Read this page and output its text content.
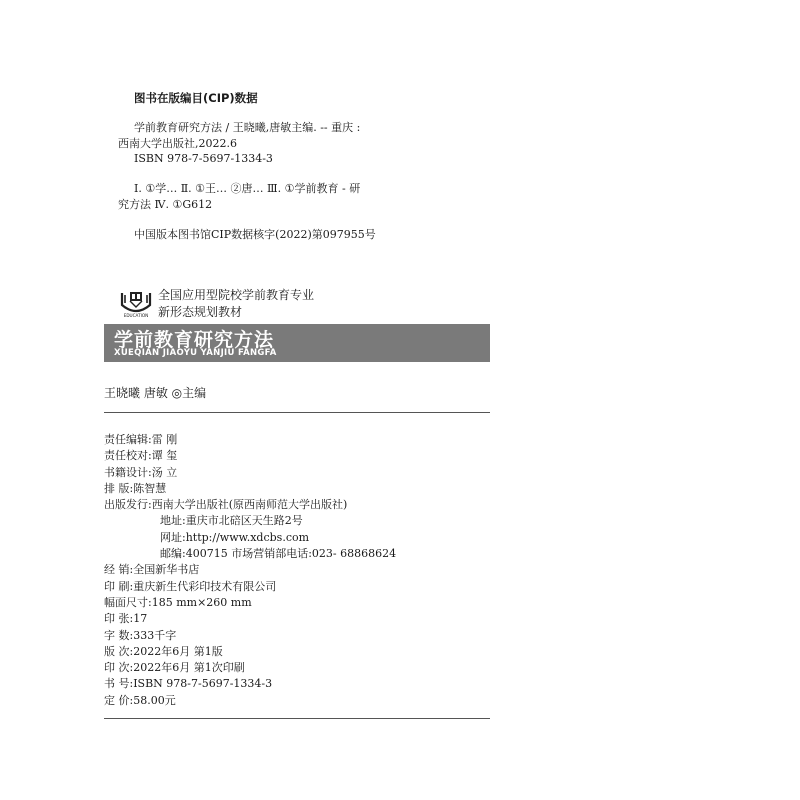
图书在版编目(CIP)数据
学前教育研究方法 / 王晓曦,唐敏主编. -- 重庆 :
西南大学出版社,2022.6
ISBN 978-7-5697-1334-3
Ⅰ. ①学… Ⅱ. ①王… ②唐… Ⅲ. ①学前教育 - 研
究方法 Ⅳ. ①G612
中国版本图书馆CIP数据核字(2022)第097955号
EDUCATION
全国应用型院校学前教育专业
新形态规划教材
学前教育研究方法
XUEQIAN JIAOYU YANJIU FANGFA
王晓曦 唐敏 ◎主编
责任编辑:雷 刚
责任校对:谭 玺
书籍设计:汤 立
排 版:陈智慧
出版发行:西南大学出版社(原西南师范大学出版社)
地址:重庆市北碚区天生路2号
网址:http://www.xdcbs.com
邮编:400715 市场营销部电话:023- 68868624
经 销:全国新华书店
印 刷:重庆新生代彩印技术有限公司
幅面尺寸:185 mm×260 mm
印 张:17
字 数:333千字
版 次:2022年6月 第1版
印 次:2022年6月 第1次印刷
书 号:ISBN 978-7-5697-1334-3
定 价:58.00元
